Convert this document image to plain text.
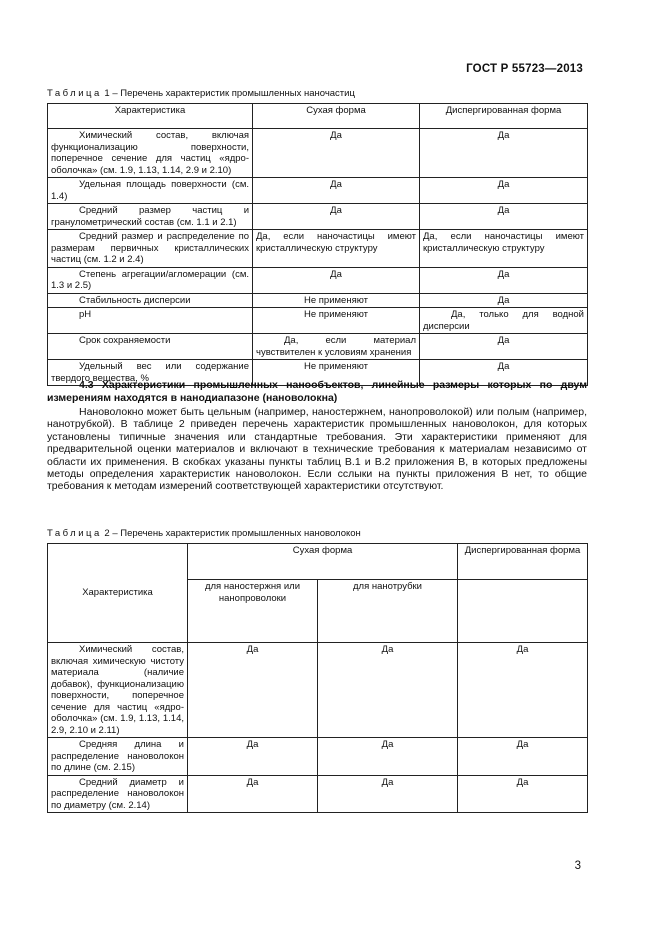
ГОСТ Р 55723—2013
Таблица 1 – Перечень характеристик промышленных наночастиц
Характеристика	Сухая форма	Диспергированная форма
Химический состав, включая функционализацию поверхности, поперечное сечение для частиц «ядро-оболочка» (см. 1.9, 1.13, 1.14, 2.9 и 2.10)	Да	Да
Удельная площадь поверхности (см. 1.4)	Да	Да
Средний размер частиц и гранулометрический состав (см. 1.1 и 2.1)	Да	Да
Средний размер и распределение по размерам первичных кристаллических частиц (см. 1.2 и 2.4)	Да, если наночастицы имеют кристаллическую структуру	Да, если наночастицы имеют кристаллическую структуру
Степень агрегации/агломерации (см. 1.3 и 2.5)	Да	Да
Стабильность дисперсии	Не применяют	Да
pH	Не применяют	Да, только для водной дисперсии
Срок сохраняемости	Да, если материал чувствителен к условиям хранения	Да
Удельный вес или содержание твердого вещества, %	Не применяют	Да
4.3 Характеристики промышленных нанообъектов, линейные размеры которых по двум измерениям находятся в нанодиапазоне (нановолокна)
Нановолокно может быть цельным (например, наностержнем, нанопроволокой) или полым (например, нанотрубкой). В таблице 2 приведен перечень характеристик промышленных нановолокон, для которых установлены типичные значения или стандартные требования. Эти характеристики применяют для предварительной оценки материалов и включают в технические требования к материалам независимо от области их применения. В скобках указаны пункты таблиц В.1 и В.2 приложения В, в которых предложены методы определения характеристик нановолокон. Если сслыки на пункты приложения В нет, то общие требования к методам измерений соответствующей характеристики отсутствуют.
Таблица 2 – Перечень характеристик промышленных нановолокон
Характеристика	Сухая форма		Диспергированная форма
	для наностержня или нанопроволоки	для нанотрубки	
Химический состав, включая химическую чистоту материала (наличие добавок), функционализацию поверхности, поперечное сечение для частиц «ядро-оболочка» (см. 1.9, 1.13, 1.14, 2.9, 2.10 и 2.11)	Да	Да	Да
Средняя длина и распределение нановолокон по длине (см. 2.15)	Да	Да	Да
Средний диаметр и распределение нановолокон по диаметру (см. 2.14)	Да	Да	Да
3
